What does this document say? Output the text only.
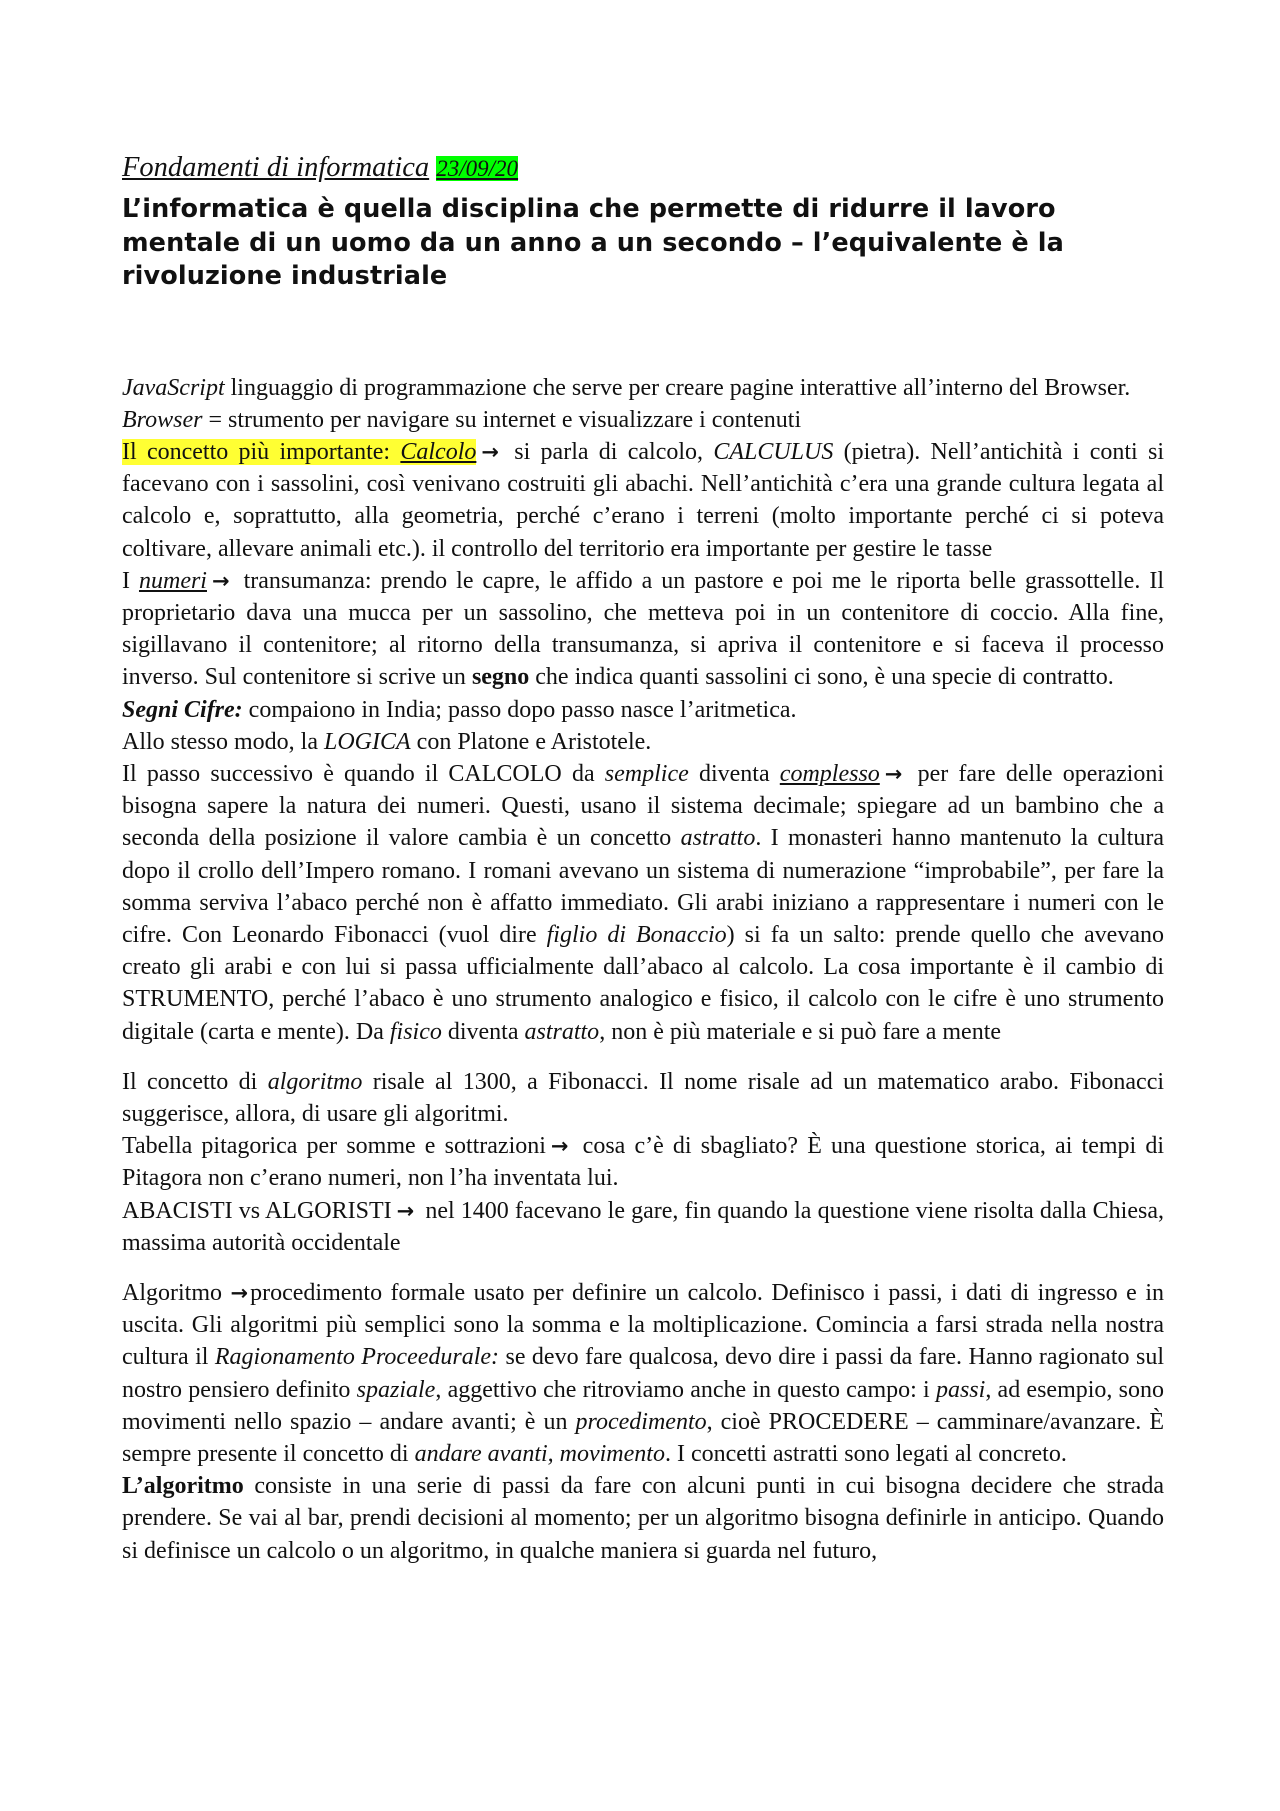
Fondamenti di informatica 23/09/20
L’informatica è quella disciplina che permette di ridurre il lavoro mentale di un uomo da un anno a un secondo – l’equivalente è la rivoluzione industriale

JavaScript linguaggio di programmazione che serve per creare pagine interattive all’interno del Browser.

Browser = strumento per navigare su internet e visualizzare i contenuti

Il concetto più importante: Calcolo → si parla di calcolo, CALCULUS (pietra). Nell’antichità i conti si facevano con i sassolini, così venivano costruiti gli abachi. Nell’antichità c’era una grande cultura legata al calcolo e, soprattutto, alla geometria, perché c’erano i terreni (molto importante perché ci si poteva coltivare, allevare animali etc.). il controllo del territorio era importante per gestire le tasse

I numeri → transumanza: prendo le capre, le affido a un pastore e poi me le riporta belle grassottelle. Il proprietario dava una mucca per un sassolino, che metteva poi in un contenitore di coccio. Alla fine, sigillavano il contenitore; al ritorno della transumanza, si apriva il contenitore e si faceva il processo inverso. Sul contenitore si scrive un segno che indica quanti sassolini ci sono, è una specie di contratto.

Segni Cifre: compaiono in India; passo dopo passo nasce l’aritmetica.

Allo stesso modo, la LOGICA con Platone e Aristotele.

Il passo successivo è quando il CALCOLO da semplice diventa complesso → per fare delle operazioni bisogna sapere la natura dei numeri. Questi, usano il sistema decimale; spiegare ad un bambino che a seconda della posizione il valore cambia è un concetto astratto. I monasteri hanno mantenuto la cultura dopo il crollo dell’Impero romano. I romani avevano un sistema di numerazione “improbabile”, per fare la somma serviva l’abaco perché non è affatto immediato. Gli arabi iniziano a rappresentare i numeri con le cifre. Con Leonardo Fibonacci (vuol dire figlio di Bonaccio) si fa un salto: prende quello che avevano creato gli arabi e con lui si passa ufficialmente dall’abaco al calcolo. La cosa importante è il cambio di STRUMENTO, perché l’abaco è uno strumento analogico e fisico, il calcolo con le cifre è uno strumento digitale (carta e mente). Da fisico diventa astratto, non è più materiale e si può fare a mente

Il concetto di algoritmo risale al 1300, a Fibonacci. Il nome risale ad un matematico arabo. Fibonacci suggerisce, allora, di usare gli algoritmi.

Tabella pitagorica per somme e sottrazioni → cosa c’è di sbagliato? È una questione storica, ai tempi di Pitagora non c’erano numeri, non l’ha inventata lui.

ABACISTI vs ALGORISTI → nel 1400 facevano le gare, fin quando la questione viene risolta dalla Chiesa, massima autorità occidentale

Algoritmo →procedimento formale usato per definire un calcolo. Definisco i passi, i dati di ingresso e in uscita. Gli algoritmi più semplici sono la somma e la moltiplicazione. Comincia a farsi strada nella nostra cultura il Ragionamento Proceedurale: se devo fare qualcosa, devo dire i passi da fare. Hanno ragionato sul nostro pensiero definito spaziale, aggettivo che ritroviamo anche in questo campo: i passi, ad esempio, sono movimenti nello spazio – andare avanti; è un procedimento, cioè PROCEDERE – camminare/avanzare. È sempre presente il concetto di andare avanti, movimento. I concetti astratti sono legati al concreto.

L’algoritmo consiste in una serie di passi da fare con alcuni punti in cui bisogna decidere che strada prendere. Se vai al bar, prendi decisioni al momento; per un algoritmo bisogna definirle in anticipo. Quando si definisce un calcolo o un algoritmo, in qualche maniera si guarda nel futuro,
